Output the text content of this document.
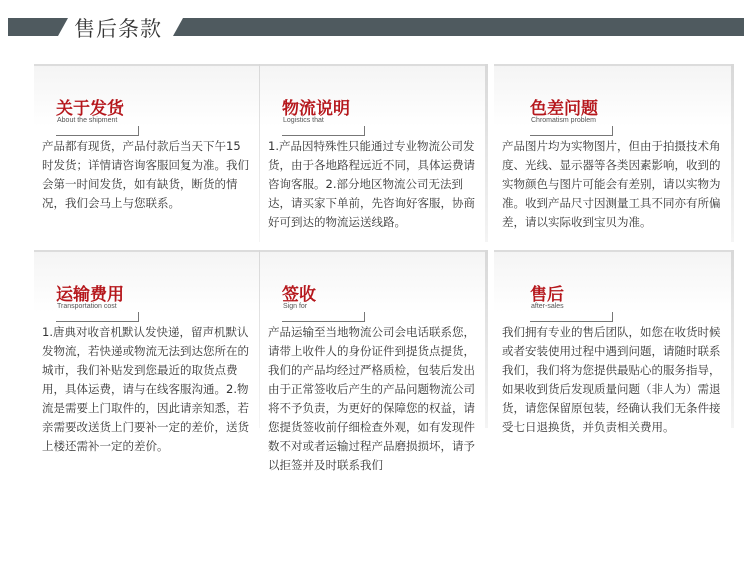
售后条款
关于发货
About the shipment
产品都有现货，产品付款后当天下午15时发货；详情请咨询客服回复为准。我们会第一时间发货，如有缺货，断货的情况，我们会马上与您联系。
物流说明
Logistics that
1.产品因特殊性只能通过专业物流公司发货，由于各地路程远近不同，具体运费请咨询客服。2.部分地区物流公司无法到达，请买家下单前，先咨询好客服，协商好可到达的物流运送线路。
色差问题
Chromatism problem
产品图片均为实物图片，但由于拍摄技术角度、光线、显示器等各类因素影响，收到的实物颜色与图片可能会有差别，请以实物为准。收到产品尺寸因测量工具不同亦有所偏差，请以实际收到宝贝为准。
运输费用
Transportation cost
1.唐典对收音机默认发快递，留声机默认发物流，若快递或物流无法到达您所在的城市，我们补贴发到您最近的取货点费用，具体运费，请与在线客服沟通。2.物流是需要上门取件的，因此请亲知悉，若亲需要改送货上门要补一定的差价，送货上楼还需补一定的差价。
签收
Sign for
产品运输至当地物流公司会电话联系您，请带上收件人的身份证件到提货点提货，我们的产品均经过严格质检，包装后发出由于正常签收后产生的产品问题物流公司将不予负责，为更好的保障您的权益，请您提货签收前仔细检查外观，如有发现件数不对或者运输过程产品磨损损坏，请予以拒签并及时联系我们
售后
after-sales
我们拥有专业的售后团队，如您在收货时候或者安装使用过程中遇到问题，请随时联系我们，我们将为您提供最贴心的服务指导，如果收到货后发现质量问题（非人为）需退货，请您保留原包装，经确认我们无条件接受七日退换货，并负责相关费用。
